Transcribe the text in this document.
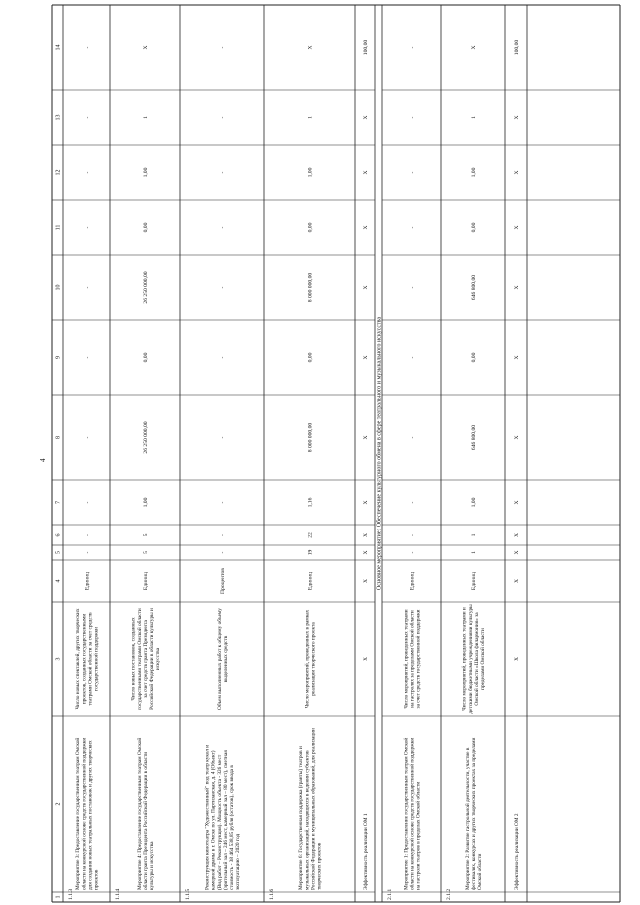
4
1
2
3
4
5
6
7
8
9
10
11
12
13
14
1.1.3
Мероприятие 3: Предоставление государственным театрам Омскойобласти на конкурсной основе средств государственной поддержкидля создания новых театральных постановок и других творческихпроектов
Число новых спектаклей, других творческихпроектов, созданных государственнымитеатрами Омской области за счет средствгосударственной поддержки
Единиц
-
-
-
-
-
-
-
-
-
-
1.1.4
Мероприятие 4: Предоставление государственным театрам Омскойобласти гранта Президента Российской Федерации в областикультуры и искусства
Число новых постановок, созданныхгосударственными театрами Омской областиза счет средств гранта ПрезидентаРоссийской Федерации в области культуры иискусства
Единиц
5
5
1,00
26 250 000,00
0,00
26 250 000,00
0,00
1,00
1
X
1.1.5
Реконструкция кинотеатра "Художественный" под театр кукол икамерной драмы в г. Омске по ул. Партизанская, д. 4 (Объект)(Вид работ – Реконструкция). Мощность объекта - 326 мест(зрительный зал – 246 мест, камерный зал – 80 мест), сметнаястоимость - 38 464 538,85 рубля (остаток), срок ввода вэксплуатацию – 2020 год
Объем выполненных работ к общему объемувыделенных средств
Процентов
-
-
-
-
-
-
-
-
-
-
1.1.6
Мероприятие 6: Государственная поддержка (гранты) театров имузыкальных организаций, находящихся в ведении субъектовРоссийской Федерации и муниципальных образований, для реализациитворческих проектов
Число мероприятий, проведенных в рамкахреализации творческого проекта
Единиц
19
22
1,16
8 000 000,00
0,00
8 000 000,00
0,00
1,00
1
X
Эффективность реализации ОМ 1
X
X
X
X
X
X
X
X
X
X
X
100,00
Основное мероприятие: Обеспечение культурного обмена в сфере театрального и музыкального искусства
2.1.1
Мероприятие 1: Предоставление государственным театрам Омскойобласти на конкурсной основе средств государственной поддержкина гастроли театров в пределах Омской области
Число мероприятий, проведенных театрамина гастролях за пределами Омской областиза счет средств государственной поддержки
Единиц
-
-
-
-
-
-
-
-
-
-
2.1.2
Мероприятие 2: Развитие гастрольной деятельности, участие вфестивалях, конкурсах и других творческих проектах за пределамиОмской области
Число мероприятий, проведенных театрами идетскими бюджетными учреждениями культурыОмской области «Школа филармония» запределами Омской области
Единиц
1
1
1,00
646 800,00
0,00
646 800,00
0,00
1,00
1
X
Эффективность реализации ОМ 2
X
X
X
X
X
X
X
X
X
X
X
100,00
